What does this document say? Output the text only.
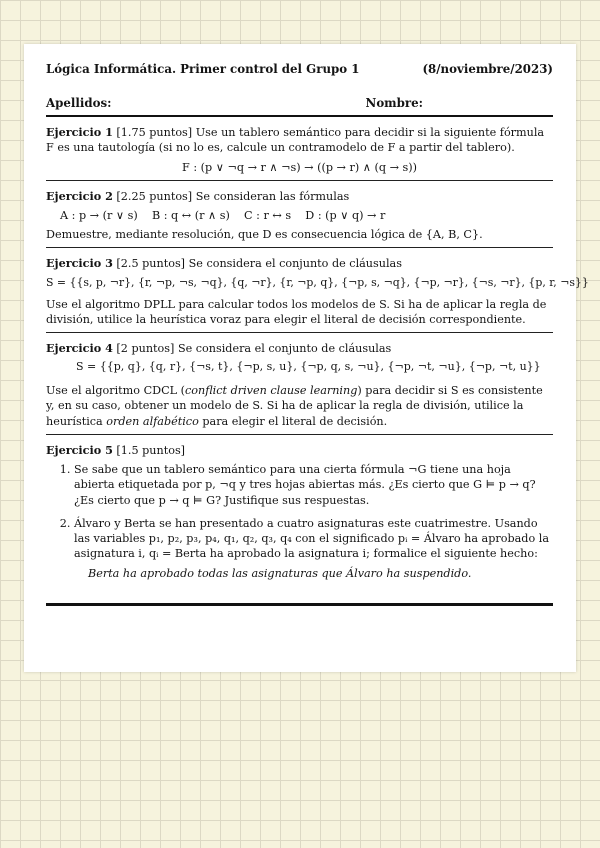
Lógica Informática. Primer control del Grupo 1	(8/noviembre/2023)
Apellidos:	Nombre:

Ejercicio 1 [1.75 puntos] Use un tablero semántico para decidir si la siguiente fórmula F es una tautología (si no lo es, calcule un contramodelo de F a partir del tablero).

F : (p ∨ ¬q → r ∧ ¬s) → ((p → r) ∧ (q → s))

Ejercicio 2 [2.25 puntos] Se consideran las fórmulas

A : p → (r ∨ s)    B : q ↔ (r ∧ s)    C : r ↔ s    D : (p ∨ q) → r

Demuestre, mediante resolución, que D es consecuencia lógica de {A, B, C}.

Ejercicio 3 [2.5 puntos] Se considera el conjunto de cláusulas

S = {{s, p, ¬r}, {r, ¬p, ¬s, ¬q}, {q, ¬r}, {r, ¬p, q}, {¬p, s, ¬q}, {¬p, ¬r}, {¬s, ¬r}, {p, r, ¬s}}

Use el algoritmo DPLL para calcular todos los modelos de S. Si ha de aplicar la regla de división, utilice la heurística voraz para elegir el literal de decisión correspondiente.

Ejercicio 4 [2 puntos] Se considera el conjunto de cláusulas

S = {{p, q}, {q, r}, {¬s, t}, {¬p, s, u}, {¬p, q, s, ¬u}, {¬p, ¬t, ¬u}, {¬p, ¬t, u}}

Use el algoritmo CDCL (conflict driven clause learning) para decidir si S es consistente y, en su caso, obtener un modelo de S. Si ha de aplicar la regla de división, utilice la heurística orden alfabético para elegir el literal de decisión.

Ejercicio 5 [1.5 puntos]

1. Se sabe que un tablero semántico para una cierta fórmula ¬G tiene una hoja abierta etiquetada por p, ¬q y tres hojas abiertas más. ¿Es cierto que G ⊨ p → q? ¿Es cierto que p → q ⊨ G? Justifique sus respuestas.
2. Álvaro y Berta se han presentado a cuatro asignaturas este cuatrimestre. Usando las variables p₁, p₂, p₃, p₄, q₁, q₂, q₃, q₄ con el significado pᵢ = Álvaro ha aprobado la asignatura i, qᵢ = Berta ha aprobado la asignatura i; formalice el siguiente hecho:
Berta ha aprobado todas las asignaturas que Álvaro ha suspendido.
